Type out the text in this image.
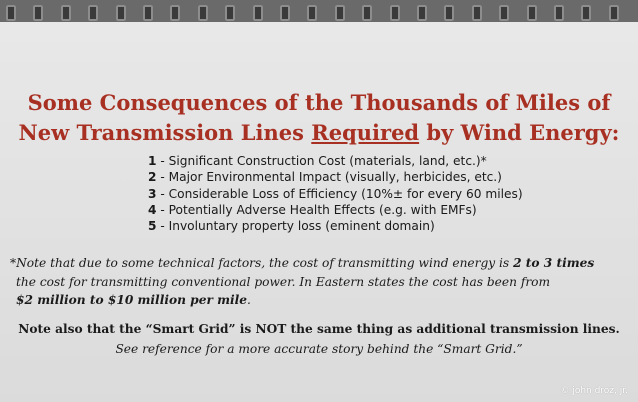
Some Consequences of the Thousands of Miles of
New Transmission Lines Required by Wind Energy:
1 - Significant Construction Cost (materials, land, etc.)*
2 - Major Environmental Impact (visually, herbicides, etc.)
3 - Considerable Loss of Efficiency (10%± for every 60 miles)
4 - Potentially Adverse Health Effects (e.g. with EMFs)
5 - Involuntary property loss (eminent domain)
*Note that due to some technical factors, the cost of transmitting wind energy is 2 to 3 times
the cost for transmitting conventional power. In Eastern states the cost has been from
$2 million to $10 million per mile.
Note also that the “Smart Grid” is NOT the same thing as additional transmission lines.
See reference for a more accurate story behind the “Smart Grid.”
© john droz, jr.
